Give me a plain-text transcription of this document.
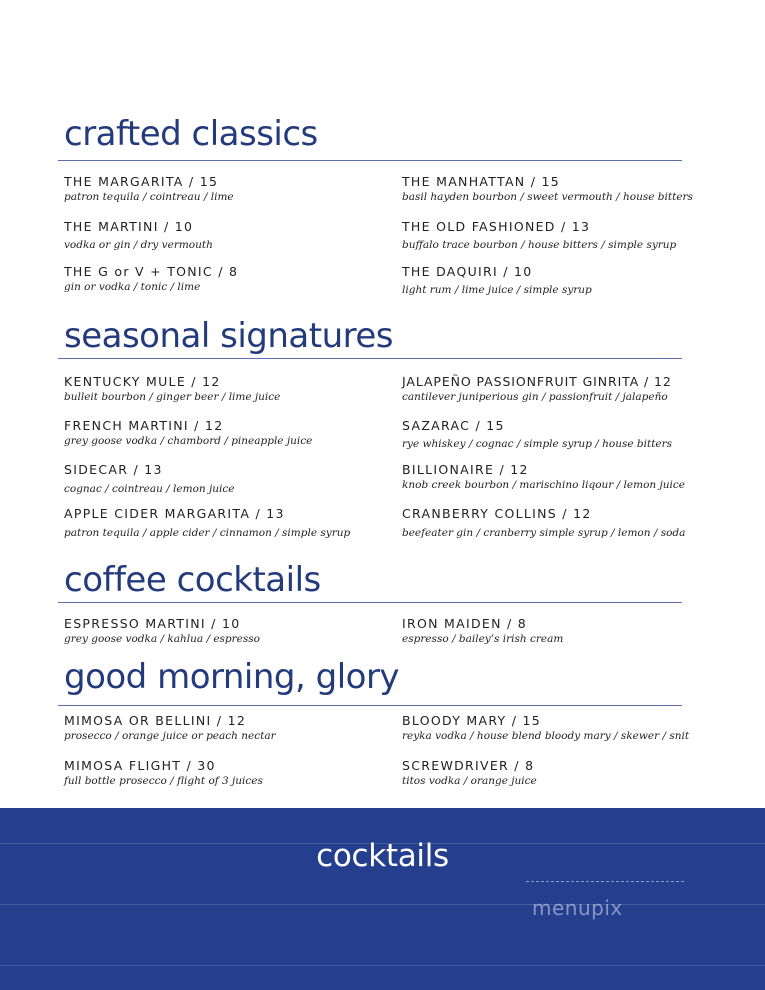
crafted classics
THE MARGARITA / 15
patron tequila / cointreau / lime
THE MANHATTAN / 15
basil hayden bourbon / sweet vermouth / house bitters
THE MARTINI / 10
vodka or gin / dry vermouth
THE OLD FASHIONED / 13
buffalo trace bourbon / house bitters / simple syrup
THE G or V + TONIC / 8
gin or vodka / tonic / lime
THE DAQUIRI / 10
light rum / lime juice / simple syrup
seasonal signatures
KENTUCKY MULE / 12
bulleit bourbon / ginger beer / lime juice
JALAPEÑO PASSIONFRUIT GINRITA / 12
cantilever juniperious gin / passionfruit / jalapeño
FRENCH MARTINI / 12
grey goose vodka / chambord / pineapple juice
SAZARAC / 15
rye whiskey / cognac / simple syrup / house bitters
SIDECAR / 13
cognac / cointreau / lemon juice
BILLIONAIRE / 12
knob creek bourbon / marischino liqour / lemon juice
APPLE CIDER MARGARITA / 13
patron tequila / apple cider / cinnamon / simple syrup
CRANBERRY COLLINS / 12
beefeater gin / cranberry simple syrup / lemon / soda
coffee cocktails
ESPRESSO MARTINI / 10
grey goose vodka / kahlua / espresso
IRON MAIDEN / 8
espresso / bailey’s irish cream
good morning, glory
MIMOSA OR BELLINI / 12
prosecco / orange juice or peach nectar
BLOODY MARY / 15
reyka vodka / house blend bloody mary / skewer / snit
MIMOSA FLIGHT / 30
full bottle prosecco / flight of 3 juices
SCREWDRIVER / 8
titos vodka / orange juice
cocktails
menupix
